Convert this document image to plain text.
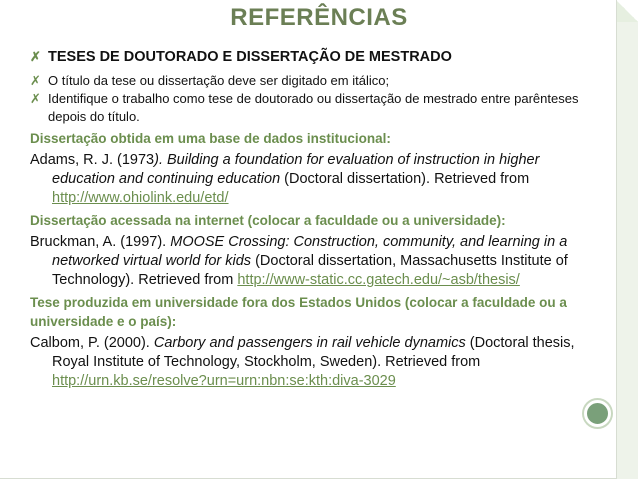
REFERÊNCIAS
✗ TESES DE DOUTORADO E DISSERTAÇÃO DE MESTRADO
✗ O título da tese ou dissertação deve ser digitado em itálico;
✗ Identifique o trabalho como tese de doutorado ou dissertação de mestrado entre parênteses depois do título.
Dissertação obtida em uma base de dados institucional:
Adams, R. J. (1973). Building a foundation for evaluation of instruction in higher education and continuing education (Doctoral dissertation). Retrieved from http://www.ohiolink.edu/etd/
Dissertação acessada na internet (colocar a faculdade ou a universidade):
Bruckman, A. (1997). MOOSE Crossing: Construction, community, and learning in a networked virtual world for kids (Doctoral dissertation, Massachusetts Institute of Technology). Retrieved from http://www-static.cc.gatech.edu/~asb/thesis/
Tese produzida em universidade fora dos Estados Unidos (colocar a faculdade ou a universidade e o país):
Calbom, P. (2000). Carbory and passengers in rail vehicle dynamics (Doctoral thesis, Royal Institute of Technology, Stockholm, Sweden). Retrieved from http://urn.kb.se/resolve?urn=urn:nbn:se:kth:diva-3029
